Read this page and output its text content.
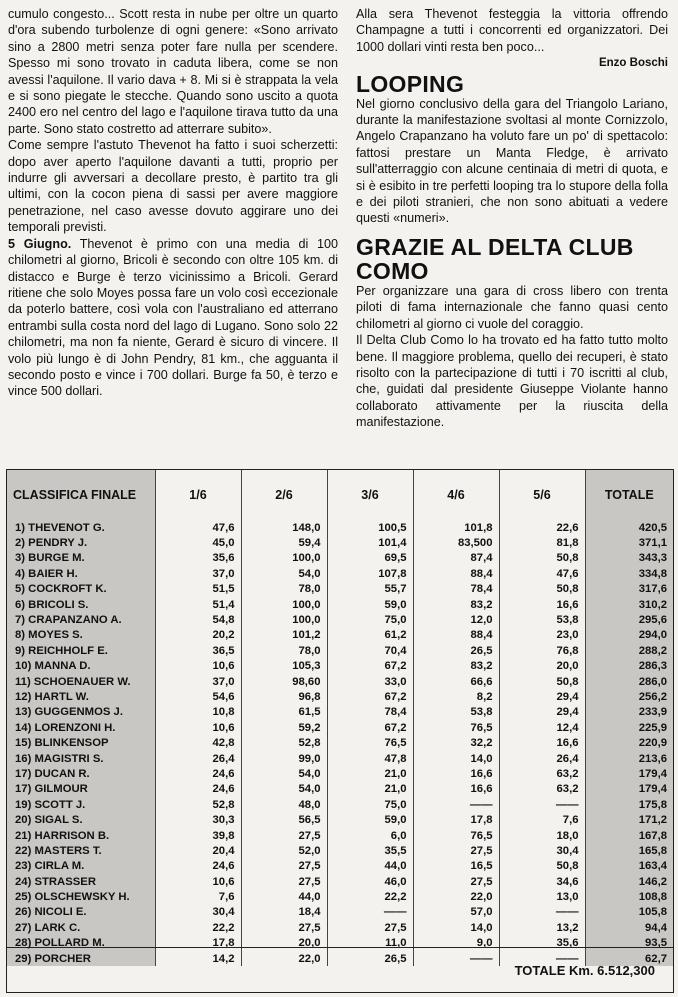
cumulo congesto... Scott resta in nube per oltre un quarto d'ora subendo turbolenze di ogni genere: «Sono arrivato sino a 2800 metri senza poter fare nulla per scendere. Spesso mi sono trovato in caduta libera, come se non avessi l'aquilone. Il vario dava + 8. Mi si è strappata la vela e si sono piegate le stecche. Quando sono uscito a quota 2400 ero nel centro del lago e l'aquilone tirava tutto da una parte. Sono stato costretto ad atterrare subito».

Come sempre l'astuto Thevenot ha fatto i suoi scherzetti: dopo aver aperto l'aquilone davanti a tutti, proprio per indurre gli avversari a decollare presto, è partito tra gli ultimi, con la cocon piena di sassi per avere maggiore penetrazione, nel caso avesse dovuto aggirare uno dei temporali previsti.

5 Giugno. Thevenot è primo con una media di 100 chilometri al giorno, Bricoli è secondo con oltre 105 km. di distacco e Burge è terzo vicinissimo a Bricoli. Gerard ritiene che solo Moyes possa fare un volo così eccezionale da poterlo battere, così vola con l'australiano ed atterrano entrambi sulla costa nord del lago di Lugano. Sono solo 22 chilometri, ma non fa niente, Gerard è sicuro di vincere. Il volo più lungo è di John Pendry, 81 km., che agguanta il secondo posto e vince i 700 dollari. Burge fa 50, è terzo e vince 500 dollari.

Alla sera Thevenot festeggia la vittoria offrendo Champagne a tutti i concorrenti ed organizzatori. Dei 1000 dollari vinti resta ben poco...

Enzo Boschi

LOOPING

Nel giorno conclusivo della gara del Triangolo Lariano, durante la manifestazione svoltasi al monte Cornizzolo, Angelo Crapanzano ha voluto fare un po' di spettacolo: fattosi prestare un Manta Fledge, è arrivato sull'atterraggio con alcune centinaia di metri di quota, e si è esibito in tre perfetti looping tra lo stupore della folla e dei piloti stranieri, che non sono abituati a vedere questi «numeri».

GRAZIE AL DELTA CLUB COMO

Per organizzare una gara di cross libero con trenta piloti di fama internazionale che fanno quasi cento chilometri al giorno ci vuole del coraggio.

Il Delta Club Como lo ha trovato ed ha fatto tutto molto bene. Il maggiore problema, quello dei recuperi, è stato risolto con la partecipazione di tutti i 70 iscritti al club, che, guidati dal presidente Giuseppe Violante hanno collaborato attivamente per la riuscita della manifestazione.

CLASSIFICA FINALE	1/6	2/6	3/6	4/6	5/6	TOTALE
1) THEVENOT G.	47,6	148,0	100,5	101,8	22,6	420,5
2) PENDRY J.	45,0	59,4	101,4	83,500	81,8	371,1
3) BURGE M.	35,6	100,0	69,5	87,4	50,8	343,3
4) BAIER H.	37,0	54,0	107,8	88,4	47,6	334,8
5) COCKROFT K.	51,5	78,0	55,7	78,4	50,8	317,6
6) BRICOLI S.	51,4	100,0	59,0	83,2	16,6	310,2
7) CRAPANZANO A.	54,8	100,0	75,0	12,0	53,8	295,6
8) MOYES S.	20,2	101,2	61,2	88,4	23,0	294,0
9) REICHHOLF E.	36,5	78,0	70,4	26,5	76,8	288,2
10) MANNA D.	10,6	105,3	67,2	83,2	20,0	286,3
11) SCHOENAUER W.	37,0	98,60	33,0	66,6	50,8	286,0
12) HARTL W.	54,6	96,8	67,2	8,2	29,4	256,2
13) GUGGENMOS J.	10,8	61,5	78,4	53,8	29,4	233,9
14) LORENZONI H.	10,6	59,2	67,2	76,5	12,4	225,9
15) BLINKENSOP	42,8	52,8	76,5	32,2	16,6	220,9
16) MAGISTRI S.	26,4	99,0	47,8	14,0	26,4	213,6
17) DUCAN R.	24,6	54,0	21,0	16,6	63,2	179,4
17) GILMOUR	24,6	54,0	21,0	16,6	63,2	179,4
19) SCOTT J.	52,8	48,0	75,0	——	——	175,8
20) SIGAL S.	30,3	56,5	59,0	17,8	7,6	171,2
21) HARRISON B.	39,8	27,5	6,0	76,5	18,0	167,8
22) MASTERS T.	20,4	52,0	35,5	27,5	30,4	165,8
23) CIRLA M.	24,6	27,5	44,0	16,5	50,8	163,4
24) STRASSER	10,6	27,5	46,0	27,5	34,6	146,2
25) OLSCHEWSKY H.	7,6	44,0	22,2	22,0	13,0	108,8
26) NICOLI E.	30,4	18,4	——	57,0	——	105,8
27) LARK C.	22,2	27,5	27,5	14,0	13,2	94,4
28) POLLARD M.	17,8	20,0	11,0	9,0	35,6	93,5
29) PORCHER	14,2	22,0	26,5	——	——	62,7
TOTALE Km. 6.512,300
